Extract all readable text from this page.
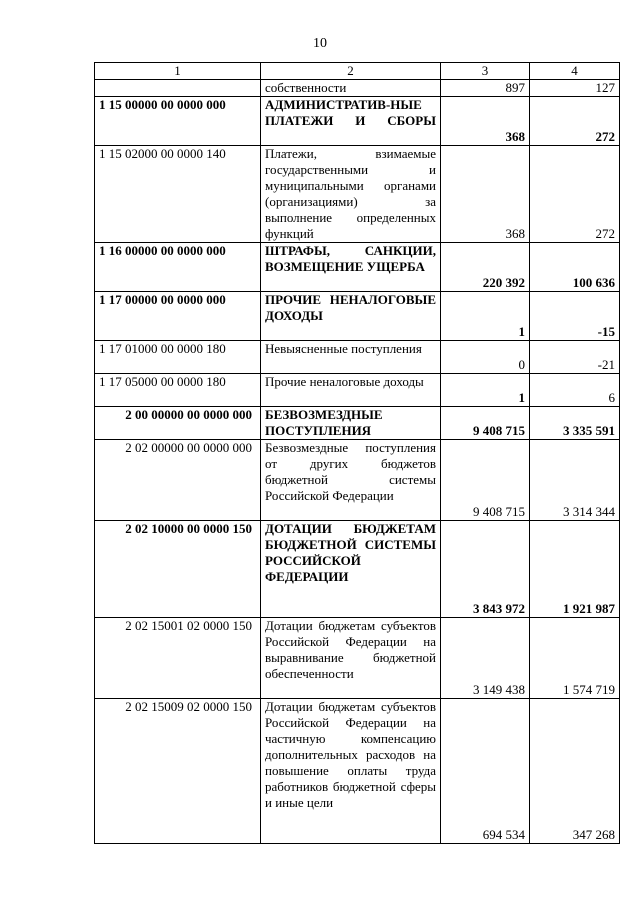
10
1	2	3	4
	собственности	897	127
1 15 00000 00 0000 000	АДМИНИСТРАТИВ-НЫЕ ПЛАТЕЖИ И СБОРЫ	368	272
1 15 02000 00 0000 140	Платежи, взимаемые государственными и муниципальными органами (организациями) за выполнение определенных функций	368	272
1 16 00000 00 0000 000	ШТРАФЫ, САНКЦИИ, ВОЗМЕЩЕНИЕ УЩЕРБА	220 392	100 636
1 17 00000 00 0000 000	ПРОЧИЕ НЕНАЛОГОВЫЕ ДОХОДЫ	1	-15
1 17 01000 00 0000 180	Невыясненные поступления	0	-21
1 17 05000 00 0000 180	Прочие неналоговые доходы	1	6
2 00 00000 00 0000 000	БЕЗВОЗМЕЗДНЫЕ ПОСТУПЛЕНИЯ	9 408 715	3 335 591
2 02 00000 00 0000 000	Безвозмездные поступления от других бюджетов бюджетной системы Российской Федерации	9 408 715	3 314 344
2 02 10000 00 0000 150	ДОТАЦИИ БЮДЖЕТАМ БЮДЖЕТНОЙ СИСТЕМЫ РОССИЙСКОЙ ФЕДЕРАЦИИ	3 843 972	1 921 987
2 02 15001 02 0000 150	Дотации бюджетам субъектов Российской Федерации на выравнивание бюджетной обеспеченности	3 149 438	1 574 719
2 02 15009 02 0000 150	Дотации бюджетам субъектов Российской Федерации на частичную компенсацию дополнительных расходов на повышение оплаты труда работников бюджетной сферы и иные цели	694 534	347 268
